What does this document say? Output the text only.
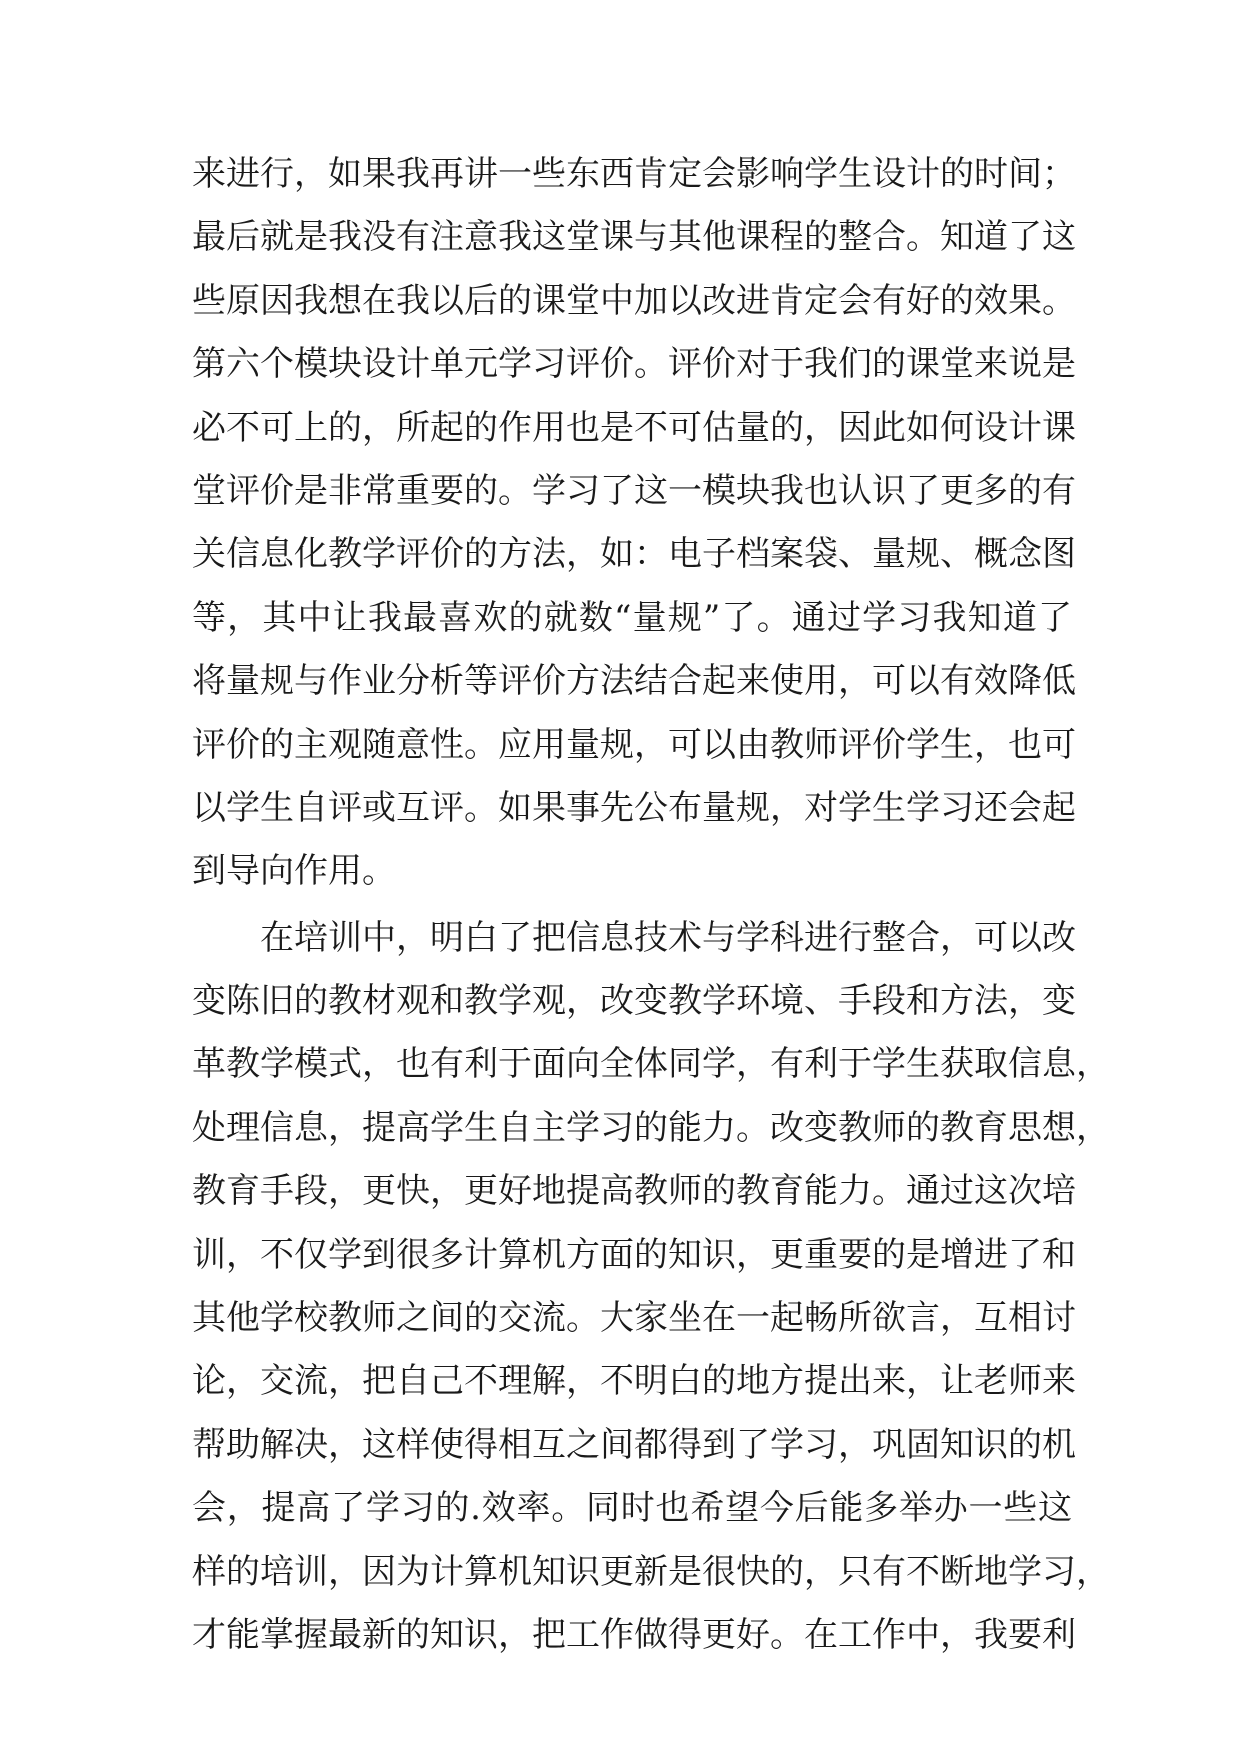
来进行，如果我再讲一些东西肯定会影响学生设计的时间；
最后就是我没有注意我这堂课与其他课程的整合。知道了这
些原因我想在我以后的课堂中加以改进肯定会有好的效果。
第六个模块设计单元学习评价。评价对于我们的课堂来说是
必不可上的，所起的作用也是不可估量的，因此如何设计课
堂评价是非常重要的。学习了这一模块我也认识了更多的有
关信息化教学评价的方法，如：电子档案袋、量规、概念图
等，其中让我最喜欢的就数“量规”了。通过学习我知道了
将量规与作业分析等评价方法结合起来使用，可以有效降低
评价的主观随意性。应用量规，可以由教师评价学生，也可
以学生自评或互评。如果事先公布量规，对学生学习还会起
到导向作用。
在培训中，明白了把信息技术与学科进行整合，可以改
变陈旧的教材观和教学观，改变教学环境、手段和方法，变
革教学模式，也有利于面向全体同学，有利于学生获取信息，
处理信息，提高学生自主学习的能力。改变教师的教育思想，
教育手段，更快，更好地提高教师的教育能力。通过这次培
训，不仅学到很多计算机方面的知识，更重要的是增进了和
其他学校教师之间的交流。大家坐在一起畅所欲言，互相讨
论，交流，把自己不理解，不明白的地方提出来，让老师来
帮助解决，这样使得相互之间都得到了学习，巩固知识的机
会，提高了学习的.效率。同时也希望今后能多举办一些这
样的培训，因为计算机知识更新是很快的，只有不断地学习，
才能掌握最新的知识，把工作做得更好。在工作中，我要利
